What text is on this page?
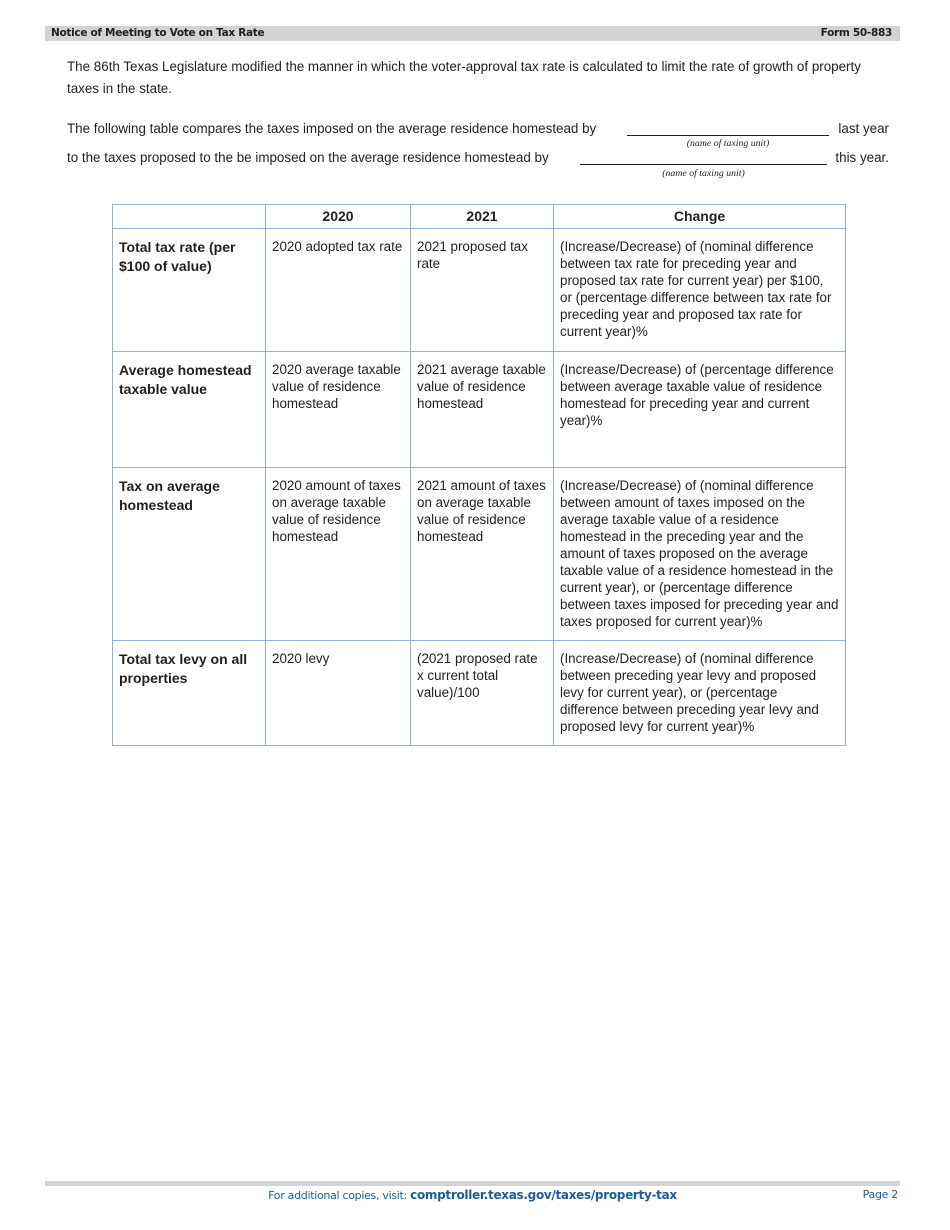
Notice of Meeting to Vote on Tax Rate	Form 50-883
The 86th Texas Legislature modified the manner in which the voter-approval tax rate is calculated to limit the rate of growth of property taxes in the state.
The following table compares the taxes imposed on the average residence homestead by	last year
(name of taxing unit)
to the taxes proposed to the be imposed on the average residence homestead by	this year.
(name of taxing unit)
	2020	2021	Change
Total tax rate (per $100 of value)	2020 adopted tax rate	2021 proposed tax rate	(Increase/Decrease) of (nominal difference between tax rate for preceding year and proposed tax rate for current year) per $100, or (percentage difference between tax rate for preceding year and proposed tax rate for current year)%
Average homestead taxable value	2020 average taxable value of residence homestead	2021 average taxable value of residence homestead	(Increase/Decrease) of (percentage difference between average taxable value of residence homestead for preceding year and current year)%
Tax on average homestead	2020 amount of taxes on average taxable value of residence homestead	2021 amount of taxes on average taxable value of residence homestead	(Increase/Decrease) of (nominal difference between amount of taxes imposed on the average taxable value of a residence homestead in the preceding year and the amount of taxes proposed on the average taxable value of a residence homestead in the current year), or (percentage difference between taxes imposed for preceding year and taxes proposed for current year)%
Total tax levy on all properties	2020 levy	(2021 proposed rate x current total value)/100	(Increase/Decrease) of (nominal difference between preceding year levy and proposed levy for current year), or (percentage difference between preceding year levy and proposed levy for current year)%
For additional copies, visit: comptroller.texas.gov/taxes/property-tax	Page 2
